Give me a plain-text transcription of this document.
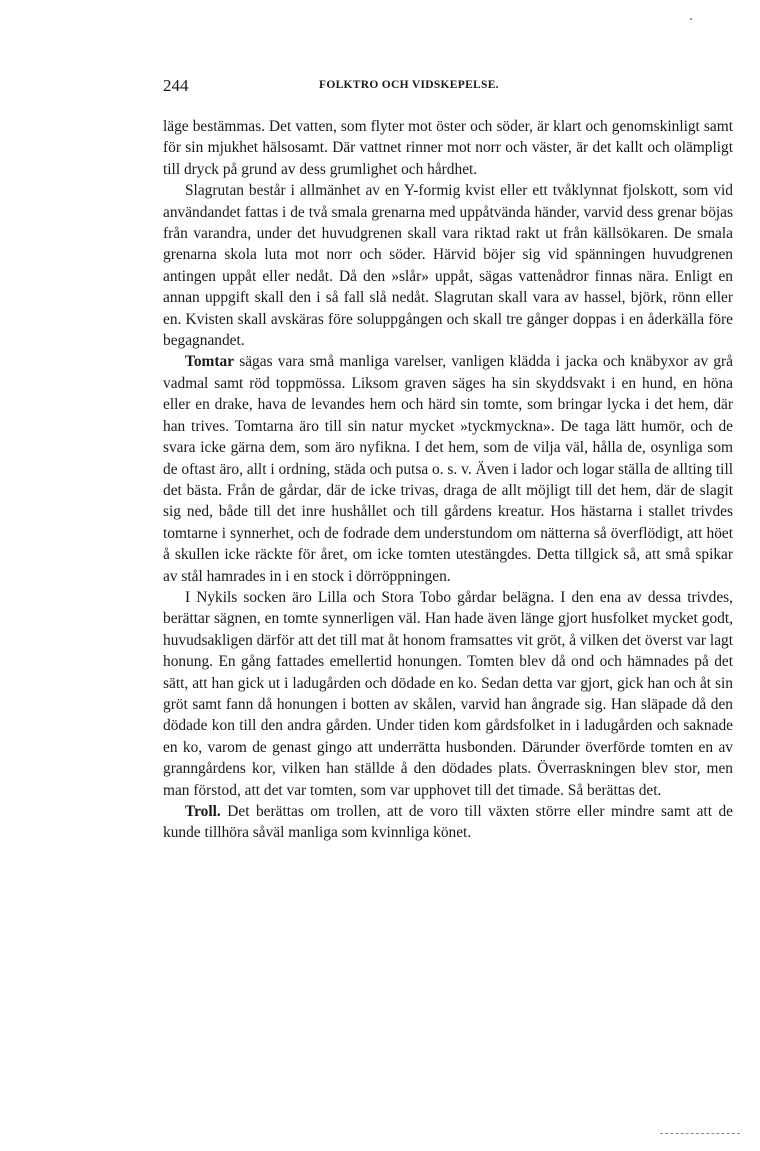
244	FOLKTRO OCH VIDSKEPELSE.

läge bestämmas. Det vatten, som flyter mot öster och söder, är klart och genomskinligt samt för sin mjukhet hälsosamt. Där vattnet rinner mot norr och väster, är det kallt och olämpligt till dryck på grund av dess grumlighet och hårdhet.

Slagrutan består i allmänhet av en Y-formig kvist eller ett tvåklynnat fjolskott, som vid användandet fattas i de två smala grenarna med uppåtvända händer, varvid dess grenar böjas från varandra, under det huvudgrenen skall vara riktad rakt ut från källsökaren. De smala grenarna skola luta mot norr och söder. Härvid böjer sig vid spänningen huvudgrenen antingen uppåt eller nedåt. Då den »slår» uppåt, sägas vattenådror finnas nära. Enligt en annan uppgift skall den i så fall slå nedåt. Slagrutan skall vara av hassel, björk, rönn eller en. Kvisten skall avskäras före soluppgången och skall tre gånger doppas i en åderkälla före begagnandet.

Tomtar sägas vara små manliga varelser, vanligen klädda i jacka och knäbyxor av grå vadmal samt röd toppmössa. Liksom graven säges ha sin skyddsvakt i en hund, en höna eller en drake, hava de levandes hem och härd sin tomte, som bringar lycka i det hem, där han trives. Tomtarna äro till sin natur mycket »tyckmyckna». De taga lätt humör, och de svara icke gärna dem, som äro nyfikna. I det hem, som de vilja väl, hålla de, osynliga som de oftast äro, allt i ordning, städa och putsa o. s. v. Även i lador och logar ställa de allting till det bästa. Från de gårdar, där de icke trivas, draga de allt möjligt till det hem, där de slagit sig ned, både till det inre hushållet och till gårdens kreatur. Hos hästarna i stallet trivdes tomtarne i synnerhet, och de fodrade dem understundom om nätterna så överflödigt, att höet å skullen icke räckte för året, om icke tomten utestängdes. Detta tillgick så, att små spikar av stål hamrades in i en stock i dörröppningen.

I Nykils socken äro Lilla och Stora Tobo gårdar belägna. I den ena av dessa trivdes, berättar sägnen, en tomte synnerligen väl. Han hade även länge gjort husfolket mycket godt, huvudsakligen därför att det till mat åt honom framsattes vit gröt, å vilken det överst var lagt honung. En gång fattades emellertid honungen. Tomten blev då ond och hämnades på det sätt, att han gick ut i ladugården och dödade en ko. Sedan detta var gjort, gick han och åt sin gröt samt fann då honungen i botten av skålen, varvid han ångrade sig. Han släpade då den dödade kon till den andra gården. Under tiden kom gårdsfolket in i ladugården och saknade en ko, varom de genast gingo att underrätta husbonden. Därunder överförde tomten en av granngårdens kor, vilken han ställde å den dödades plats. Överraskningen blev stor, men man förstod, att det var tomten, som var upphovet till det timade. Så berättas det.

Troll. Det berättas om trollen, att de voro till växten större eller mindre samt att de kunde tillhöra såväl manliga som kvinnliga könet.
